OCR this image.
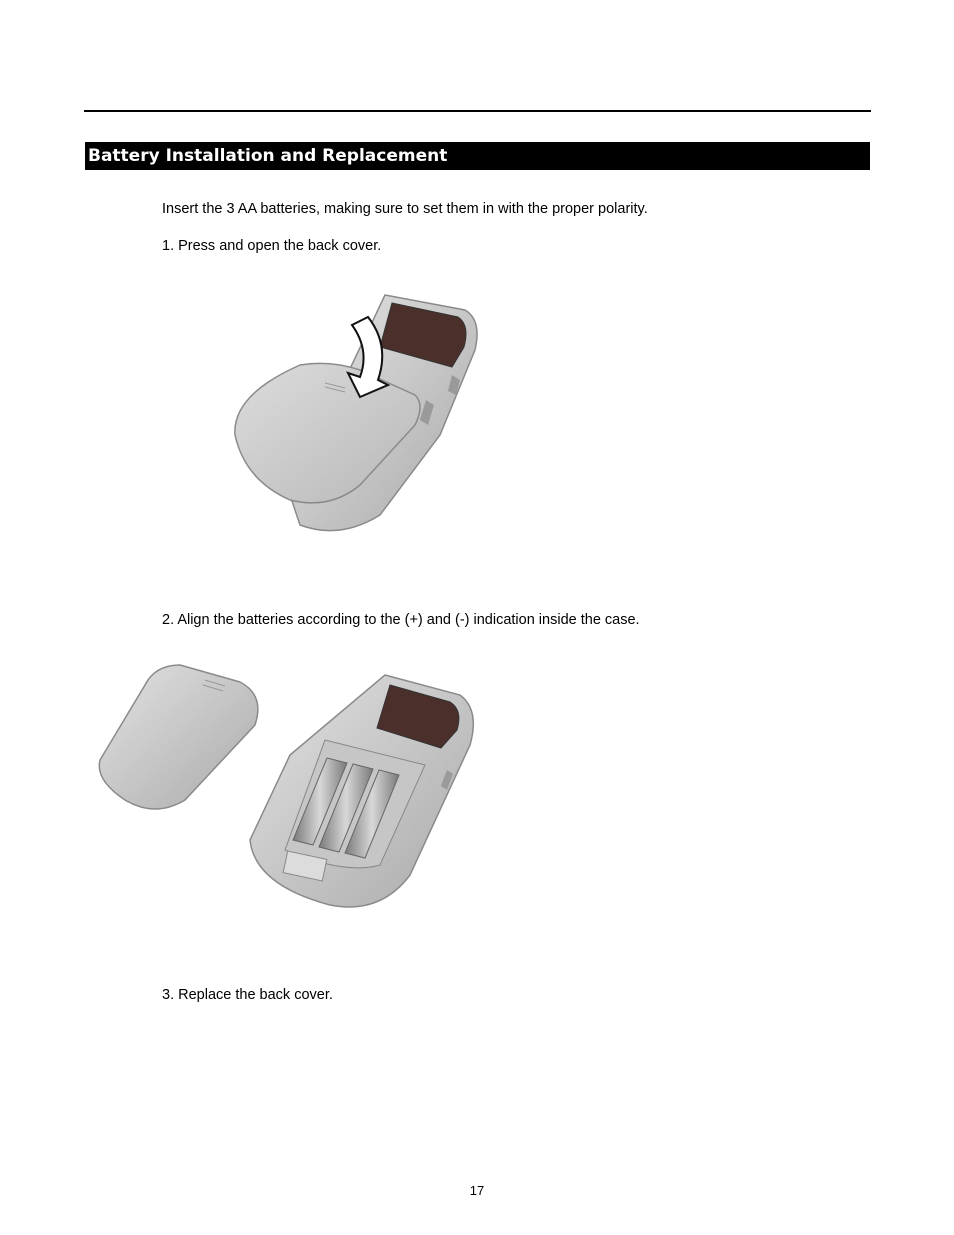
Battery Installation and Replacement
Insert the 3 AA batteries, making sure to set them in with the proper polarity.
1. Press and open the back cover.
2. Align the batteries according to the (+) and (-) indication inside the case.
3. Replace the back cover.
17
